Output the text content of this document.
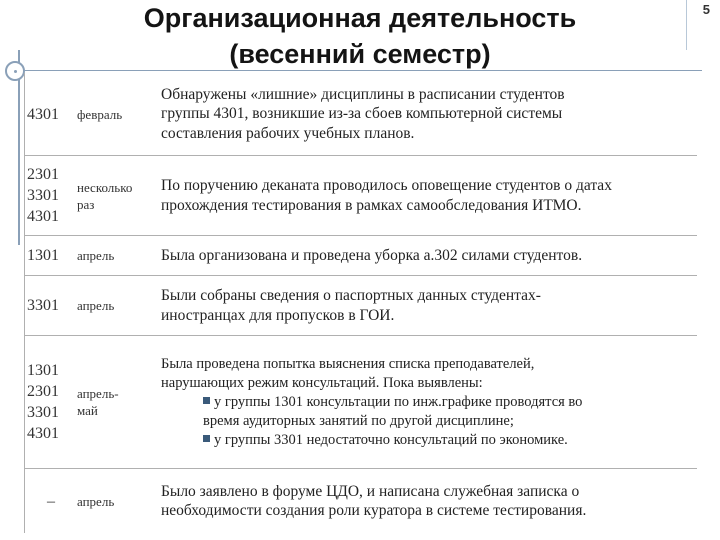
Организационная деятельность
(весенний семестр)
5
4301 февраль
Обнаружены «лишние» дисциплины в расписании студентов
группы 4301, возникшие из-за сбоев компьютерной системы
составления рабочих учебных планов.
2301
3301
4301
несколько
раз
По поручению деканата проводилось оповещение студентов о датах
прохождения тестирования в рамках самообследования ИТМО.
1301 апрель	Была организована и проведена уборка а.302 силами студентов.
3301 апрель
Были собраны сведения о паспортных данных студентах-
иностранцах для пропусков в ГОИ.
1301
2301
3301
4301
апрель-
май
Была проведена попытка выяснения списка преподавателей,
нарушающих режим консультаций. Пока выявлены:
у группы 1301 консультации по инж.графике проводятся во
время аудиторных занятий по другой дисциплине;
у группы 3301 недостаточно консультаций по экономике.
– апрель
Было заявлено в форуме ЦДО, и написана служебная записка о
необходимости создания роли куратора в системе тестирования.
